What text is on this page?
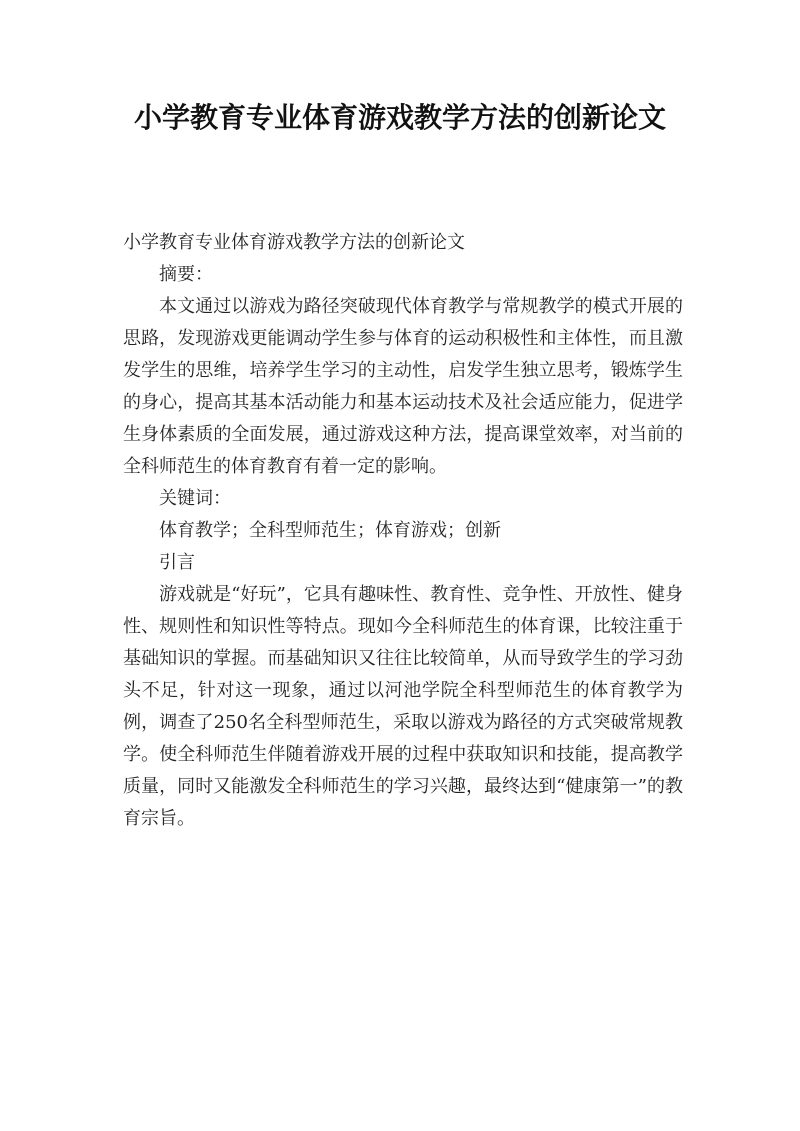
小学教育专业体育游戏教学方法的创新论文

小学教育专业体育游戏教学方法的创新论文

摘要：

本文通过以游戏为路径突破现代体育教学与常规教学的模式开展的思路，发现游戏更能调动学生参与体育的运动积极性和主体性，而且激发学生的思维，培养学生学习的主动性，启发学生独立思考，锻炼学生的身心，提高其基本活动能力和基本运动技术及社会适应能力，促进学生身体素质的全面发展，通过游戏这种方法，提高课堂效率，对当前的全科师范生的体育教育有着一定的影响。

关键词：

体育教学；全科型师范生；体育游戏；创新

引言

游戏就是“好玩”，它具有趣味性、教育性、竞争性、开放性、健身性、规则性和知识性等特点。现如今全科师范生的体育课，比较注重于基础知识的掌握。而基础知识又往往比较简单，从而导致学生的学习劲头不足，针对这一现象，通过以河池学院全科型师范生的体育教学为例，调查了250名全科型师范生，采取以游戏为路径的方式突破常规教学。使全科师范生伴随着游戏开展的过程中获取知识和技能，提高教学质量，同时又能激发全科师范生的学习兴趣，最终达到“健康第一”的教育宗旨。
